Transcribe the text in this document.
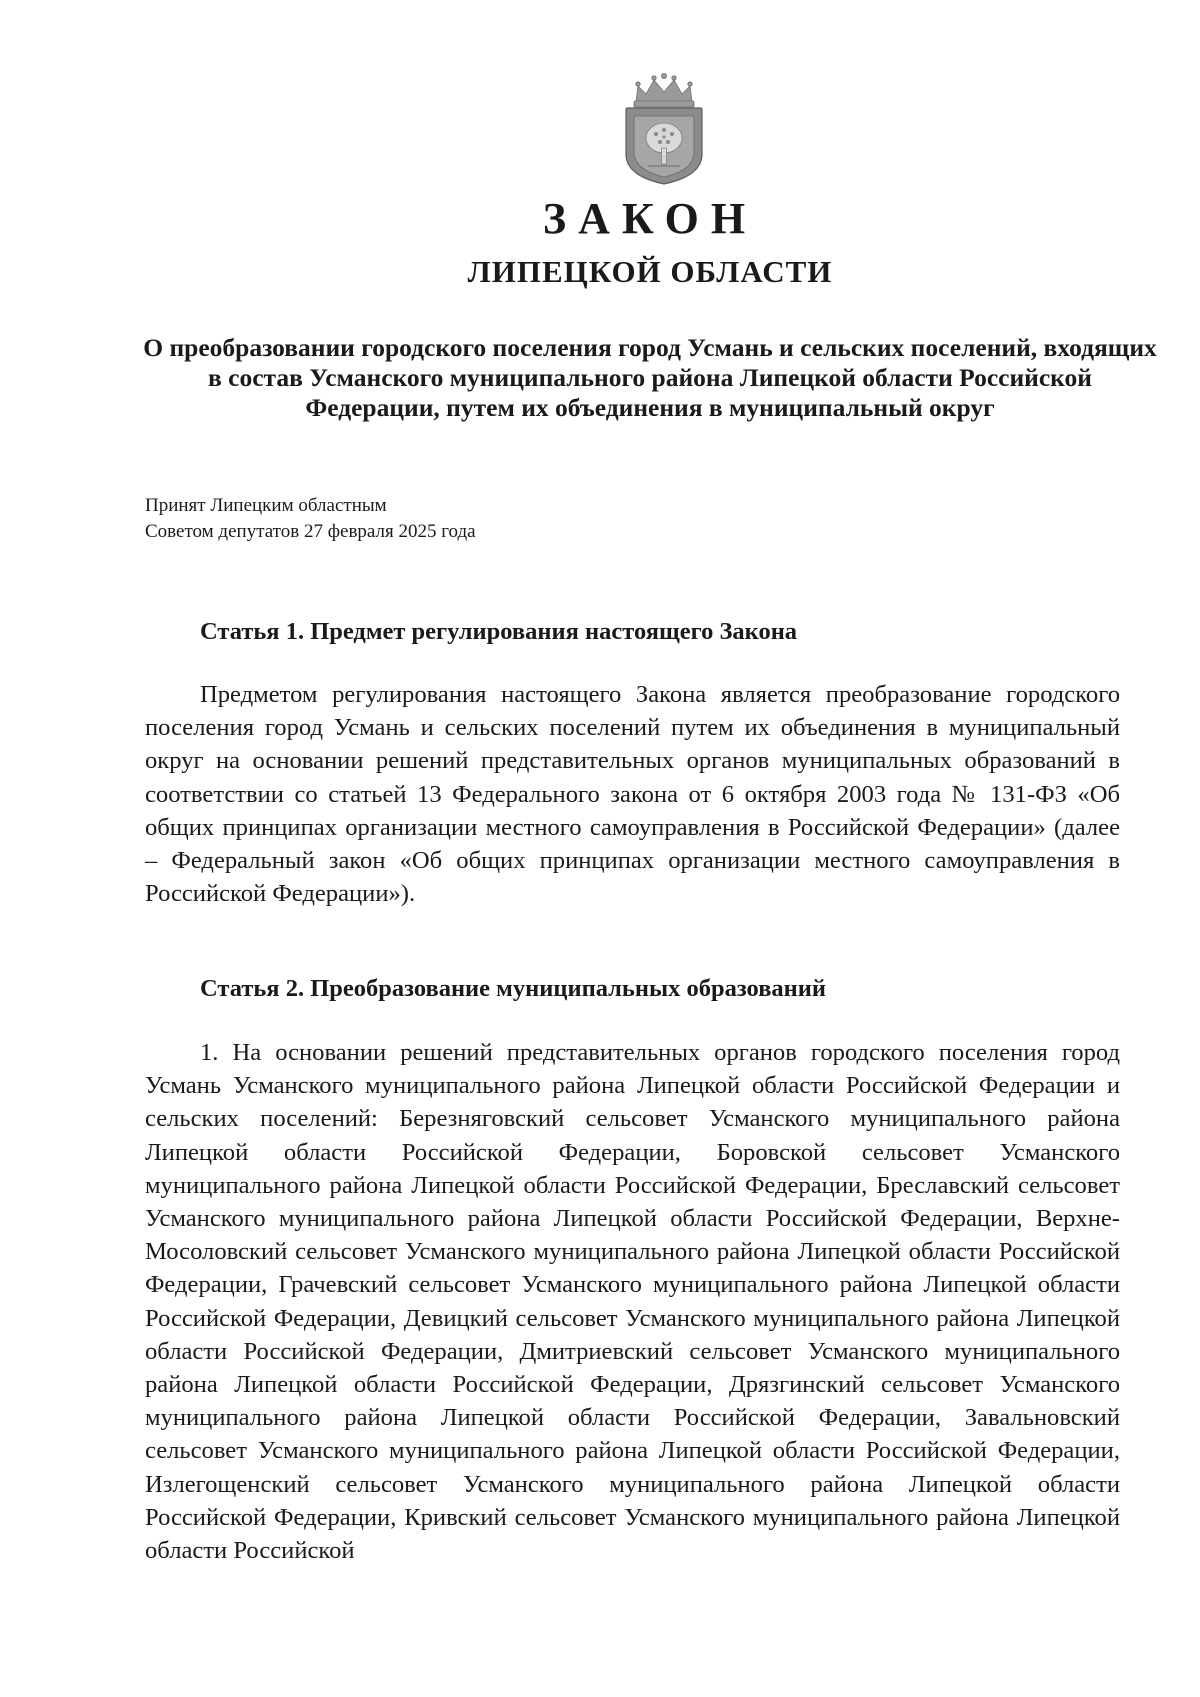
ЗАКОН
ЛИПЕЦКОЙ ОБЛАСТИ
О преобразовании городского поселения город Усмань и сельских поселений, входящих в состав Усманского муниципального района Липецкой области Российской Федерации, путем их объединения в муниципальный округ
Принят Липецким областным
Советом депутатов 27 февраля 2025 года
Статья 1. Предмет регулирования настоящего Закона
Предметом регулирования настоящего Закона является преобразование городского поселения город Усмань и сельских поселений путем их объединения в муниципальный округ на основании решений представительных органов муниципальных образований в соответствии со статьей 13 Федерального закона от 6 октября 2003 года № 131-ФЗ «Об общих принципах организации местного самоуправления в Российской Федерации» (далее – Федеральный закон «Об общих принципах организации местного самоуправления в Российской Федерации»).
Статья 2. Преобразование муниципальных образований
1. На основании решений представительных органов городского поселения город Усмань Усманского муниципального района Липецкой области Российской Федерации и сельских поселений: Березняговский сельсовет Усманского муниципального района Липецкой области Российской Федерации, Боровской сельсовет Усманского муниципального района Липецкой области Российской Федерации, Бреславский сельсовет Усманского муниципального района Липецкой области Российской Федерации, Верхне-Мосоловский сельсовет Усманского муниципального района Липецкой области Российской Федерации, Грачевский сельсовет Усманского муниципального района Липецкой области Российской Федерации, Девицкий сельсовет Усманского муниципального района Липецкой области Российской Федерации, Дмитриевский сельсовет Усманского муниципального района Липецкой области Российской Федерации, Дрязгинский сельсовет Усманского муниципального района Липецкой области Российской Федерации, Завальновский сельсовет Усманского муниципального района Липецкой области Российской Федерации, Излегощенский сельсовет Усманского муниципального района Липецкой области Российской Федерации, Кривский сельсовет Усманского муниципального района Липецкой области Российской
